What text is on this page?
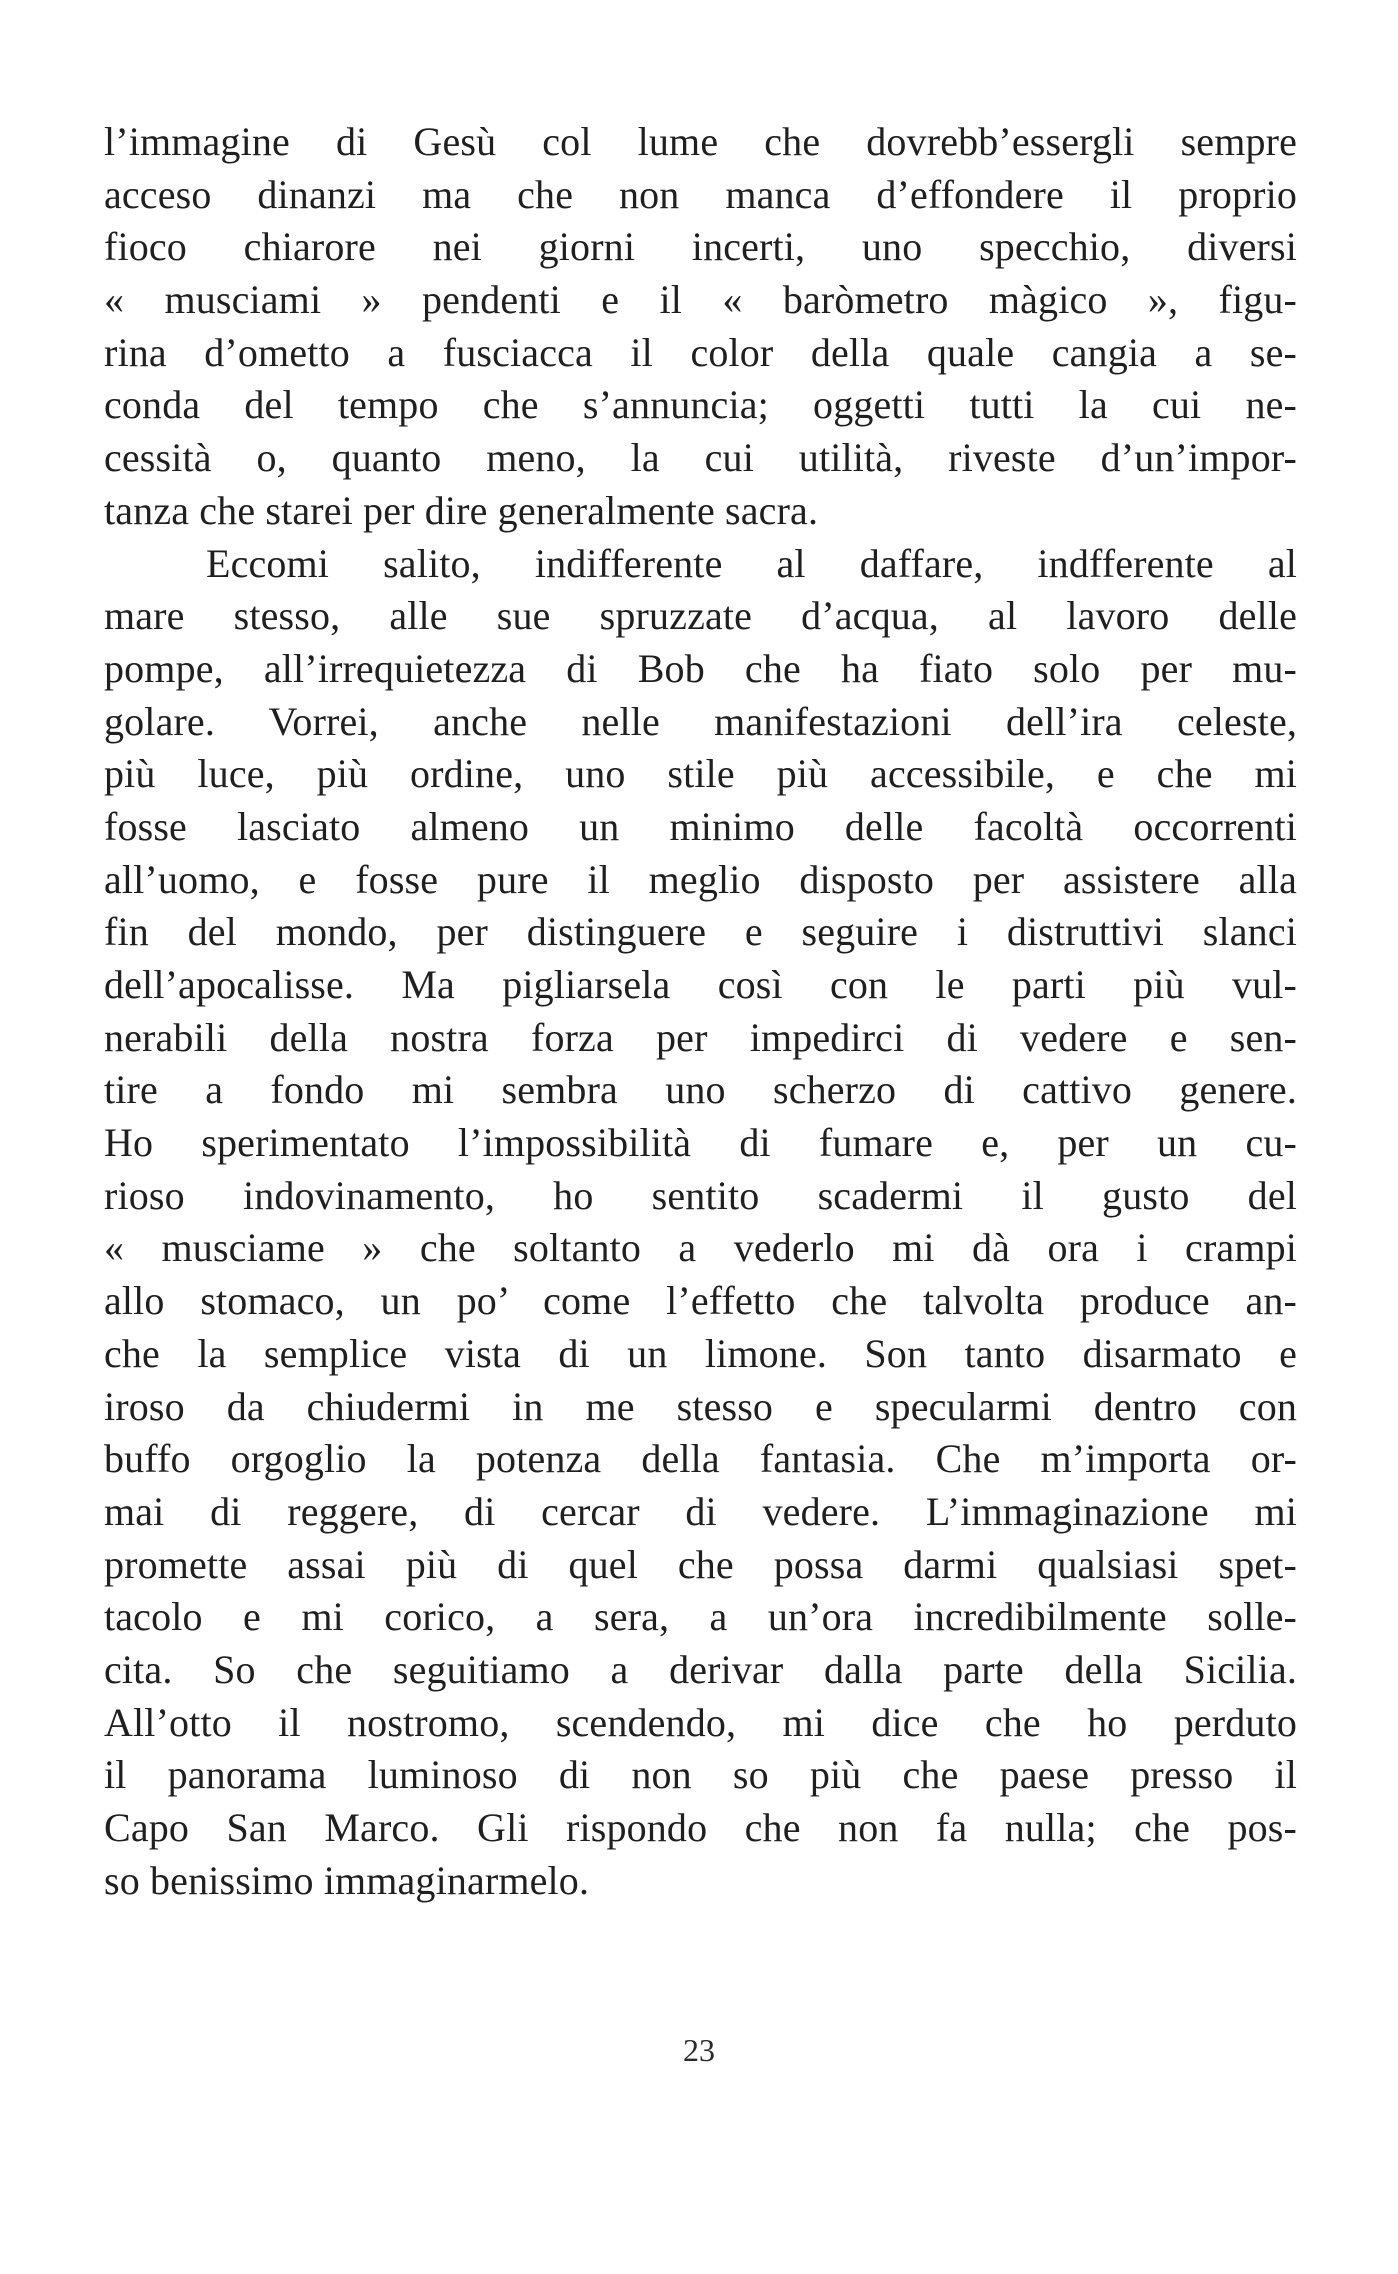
l’immagine di Gesù col lume che dovrebb’essergli sempre
acceso dinanzi ma che non manca d’effondere il proprio
fioco chiarore nei giorni incerti, uno specchio, diversi
« musciami » pendenti e il « baròmetro màgico », figu-
rina d’ometto a fusciacca il color della quale cangia a se-
conda del tempo che s’annuncia; oggetti tutti la cui ne-
cessità o, quanto meno, la cui utilità, riveste d’un’impor-
tanza che starei per dire generalmente sacra.
Eccomi salito, indifferente al daffare, indfferente al
mare stesso, alle sue spruzzate d’acqua, al lavoro delle
pompe, all’irrequietezza di Bob che ha fiato solo per mu-
golare. Vorrei, anche nelle manifestazioni dell’ira celeste,
più luce, più ordine, uno stile più accessibile, e che mi
fosse lasciato almeno un minimo delle facoltà occorrenti
all’uomo, e fosse pure il meglio disposto per assistere alla
fin del mondo, per distinguere e seguire i distruttivi slanci
dell’apocalisse. Ma pigliarsela così con le parti più vul-
nerabili della nostra forza per impedirci di vedere e sen-
tire a fondo mi sembra uno scherzo di cattivo genere.
Ho sperimentato l’impossibilità di fumare e, per un cu-
rioso indovinamento, ho sentito scadermi il gusto del
« musciame » che soltanto a vederlo mi dà ora i crampi
allo stomaco, un po’ come l’effetto che talvolta produce an-
che la semplice vista di un limone. Son tanto disarmato e
iroso da chiudermi in me stesso e specularmi dentro con
buffo orgoglio la potenza della fantasia. Che m’importa or-
mai di reggere, di cercar di vedere. L’immaginazione mi
promette assai più di quel che possa darmi qualsiasi spet-
tacolo e mi corico, a sera, a un’ora incredibilmente solle-
cita. So che seguitiamo a derivar dalla parte della Sicilia.
All’otto il nostromo, scendendo, mi dice che ho perduto
il panorama luminoso di non so più che paese presso il
Capo San Marco. Gli rispondo che non fa nulla; che pos-
so benissimo immaginarmelo.
23
